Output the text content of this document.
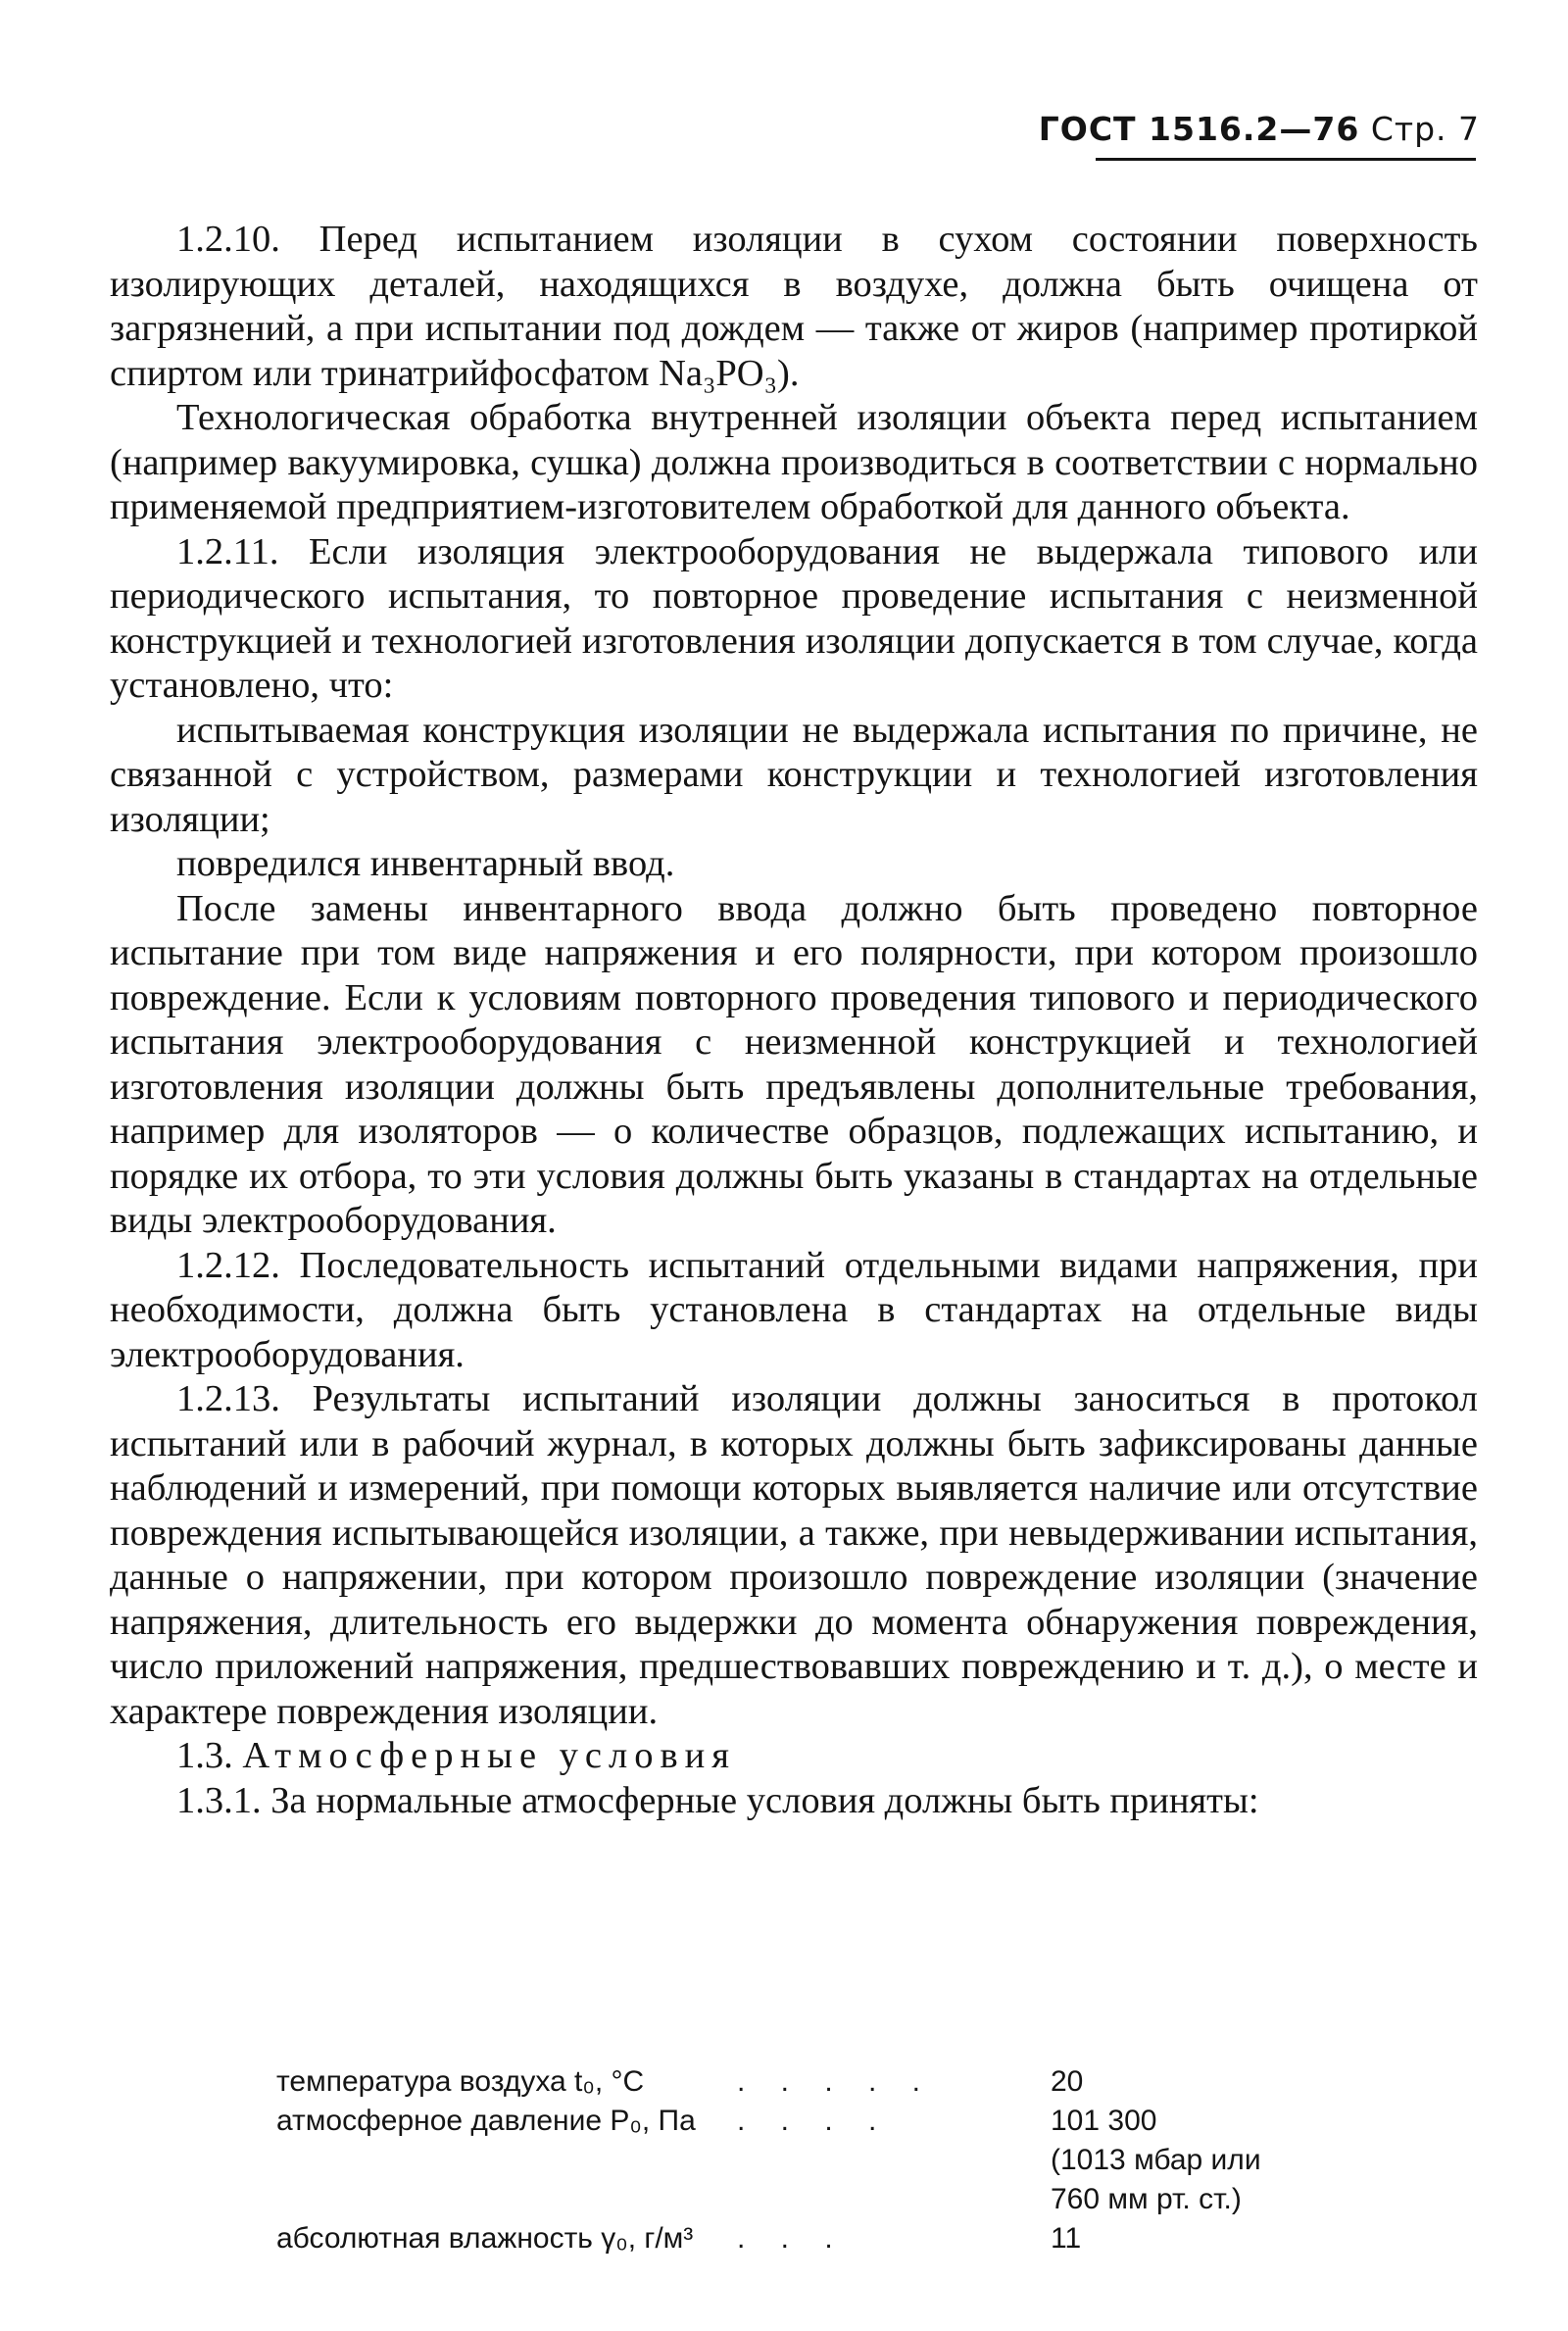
ГОСТ 1516.2—76 Стр. 7

1.2.10. Перед испытанием изоляции в сухом состоянии поверхность изолирующих деталей, находящихся в воздухе, должна быть очищена от загрязнений, а при испытании под дождем — также от жиров (например протиркой спиртом или тринатрийфосфатом Na₃PO₃).

Технологическая обработка внутренней изоляции объекта перед испытанием (например вакуумировка, сушка) должна производиться в соответствии с нормально применяемой предприятием-изготовителем обработкой для данного объекта.

1.2.11. Если изоляция электрооборудования не выдержала типового или периодического испытания, то повторное проведение испытания с неизменной конструкцией и технологией изготовления изоляции допускается в том случае, когда установлено, что:

испытываемая конструкция изоляции не выдержала испытания по причине, не связанной с устройством, размерами конструкции и технологией изготовления изоляции;

повредился инвентарный ввод.

После замены инвентарного ввода должно быть проведено повторное испытание при том виде напряжения и его полярности, при котором произошло повреждение. Если к условиям повторного проведения типового и периодического испытания электрооборудования с неизменной конструкцией и технологией изготовления изоляции должны быть предъявлены дополнительные требования, например для изоляторов — о количестве образцов, подлежащих испытанию, и порядке их отбора, то эти условия должны быть указаны в стандартах на отдельные виды электрооборудования.

1.2.12. Последовательность испытаний отдельными видами напряжения, при необходимости, должна быть установлена в стандартах на отдельные виды электрооборудования.

1.2.13. Результаты испытаний изоляции должны заноситься в протокол испытаний или в рабочий журнал, в которых должны быть зафиксированы данные наблюдений и измерений, при помощи которых выявляется наличие или отсутствие повреждения испытывающейся изоляции, а также, при невыдерживании испытания, данные о напряжении, при котором произошло повреждение изоляции (значение напряжения, длительность его выдержки до момента обнаружения повреждения, число приложений напряжения, предшествовавших повреждению и т. д.), о месте и характере повреждения изоляции.

1.3. Атмосферные условия

1.3.1. За нормальные атмосферные условия должны быть приняты:

температура воздуха t₀, °C	. . . . .	20
атмосферное давление P₀, Па . . . .	101 300
(1013 мбар или
760 мм рт. ст.)
абсолютная влажность γ₀, г/м³ . . .	11
